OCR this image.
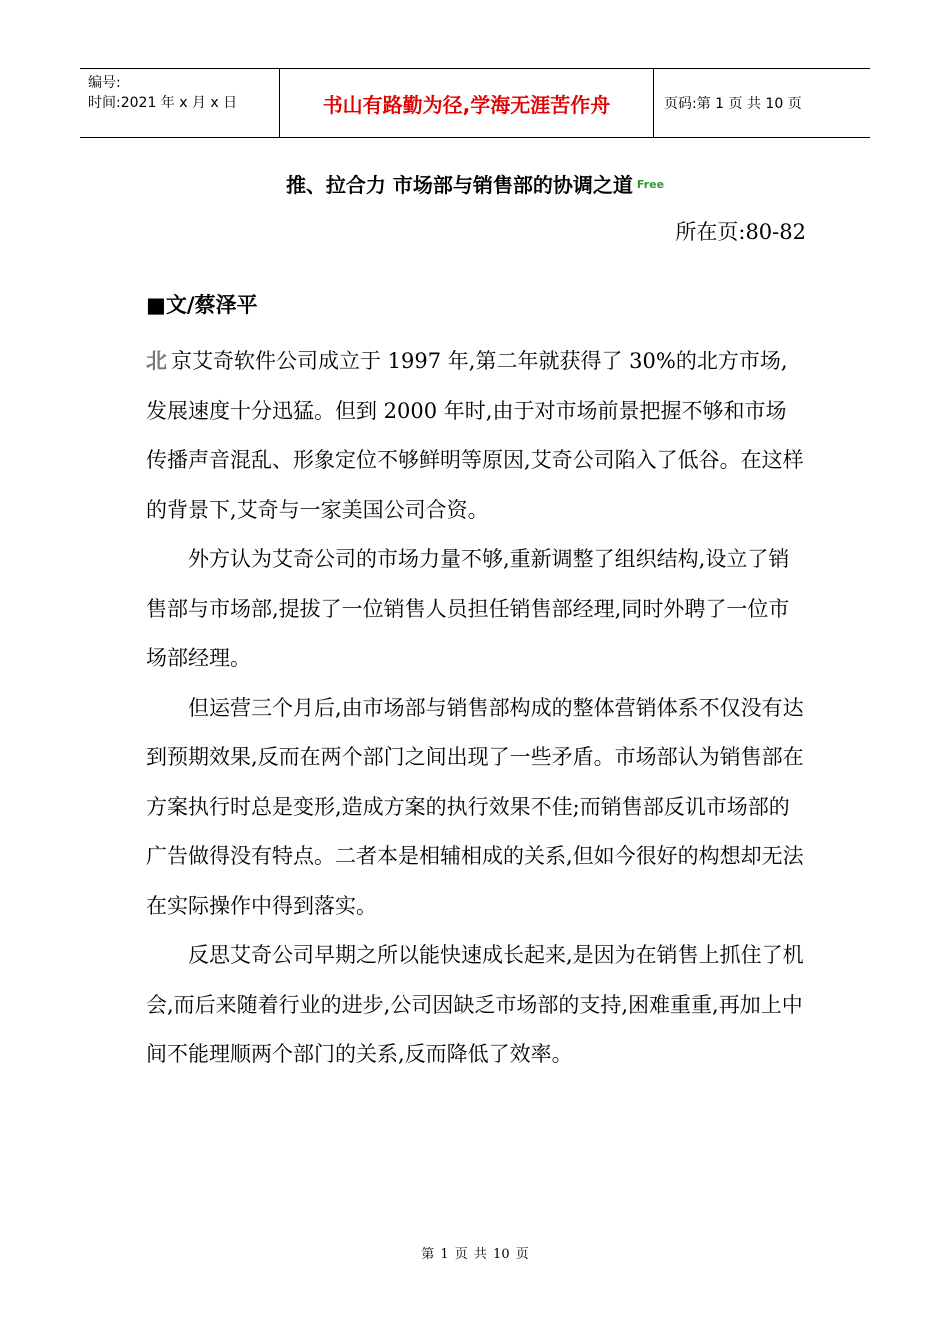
编号:
时间:2021 年 x 月 x 日	书山有路勤为径,学海无涯苦作舟	页码:第 1 页 共 10 页
推、拉合力 市场部与销售部的协调之道 $^{Free}$
所在页:80-82
■文/蔡泽平

北 京艾奇软件公司成立于 1997 年,第二年就获得了 30%的北方市场,发展速度十分迅猛。但到 2000 年时,由于对市场前景把握不够和市场传播声音混乱、形象定位不够鲜明等原因,艾奇公司陷入了低谷。在这样的背景下,艾奇与一家美国公司合资。

外方认为艾奇公司的市场力量不够,重新调整了组织结构,设立了销售部与市场部,提拔了一位销售人员担任销售部经理,同时外聘了一位市场部经理。

但运营三个月后,由市场部与销售部构成的整体营销体系不仅没有达到预期效果,反而在两个部门之间出现了一些矛盾。市场部认为销售部在方案执行时总是变形,造成方案的执行效果不佳;而销售部反讥市场部的广告做得没有特点。二者本是相辅相成的关系,但如今很好的构想却无法在实际操作中得到落实。

反思艾奇公司早期之所以能快速成长起来,是因为在销售上抓住了机会,而后来随着行业的进步,公司因缺乏市场部的支持,困难重重,再加上中间不能理顺两个部门的关系,反而降低了效率。

第 1 页 共 10 页
